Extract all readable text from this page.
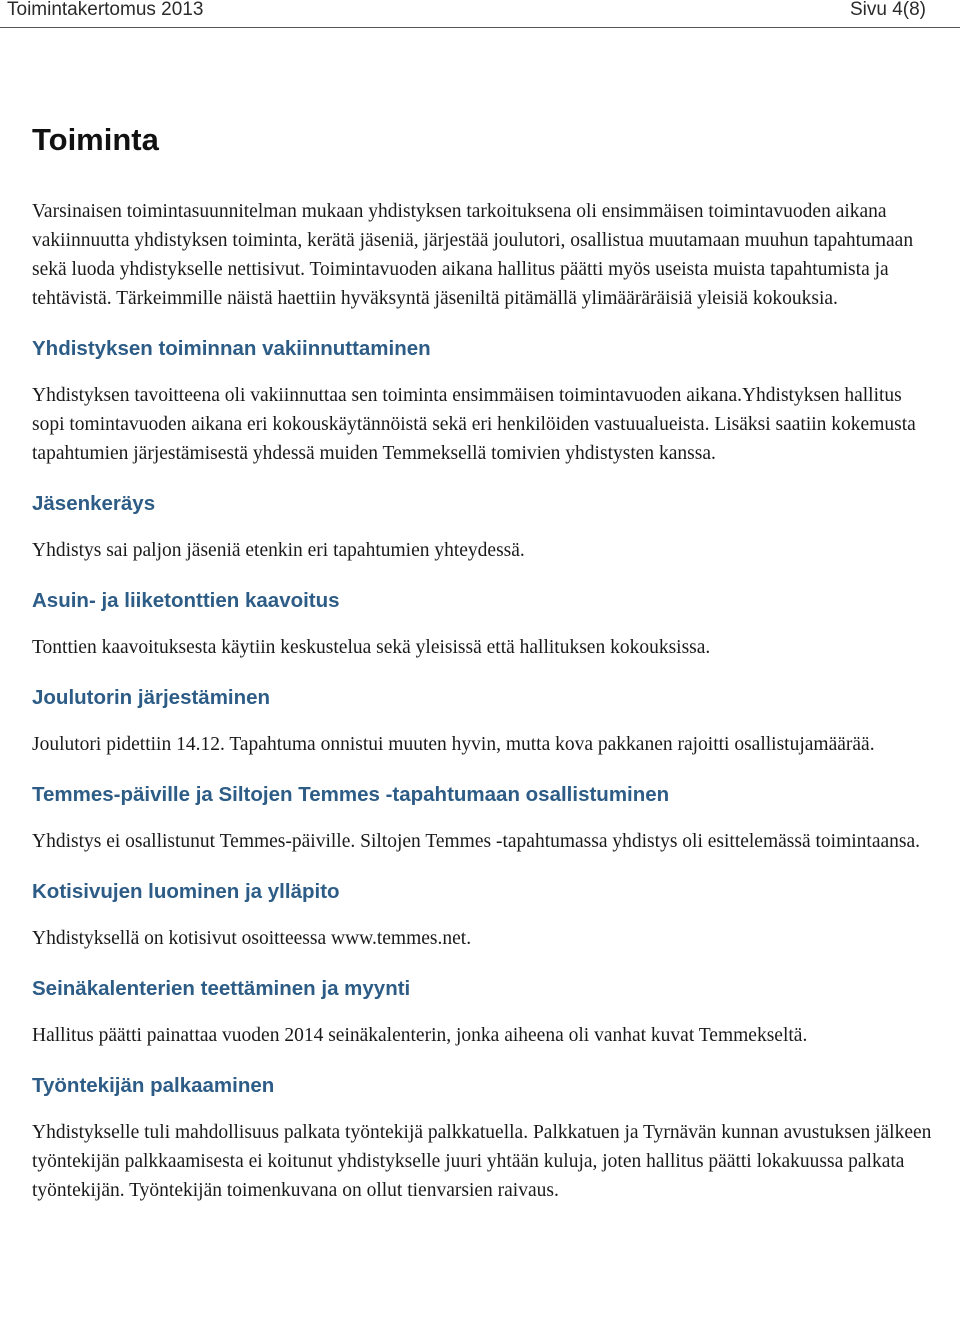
Toimintakertomus 2013	Sivu 4(8)
Toiminta

Varsinaisen toimintasuunnitelman mukaan yhdistyksen tarkoituksena oli ensimmäisen toimintavuoden aikana vakiinnuutta yhdistyksen toiminta, kerätä jäseniä, järjestää joulutori, osallistua muutamaan muuhun tapahtumaan sekä luoda yhdistykselle nettisivut. Toimintavuoden aikana hallitus päätti myös useista muista tapahtumista ja tehtävistä. Tärkeimmille näistä haettiin hyväksyntä jäseniltä pitämällä ylimääräräisiä yleisiä kokouksia.

Yhdistyksen toiminnan vakiinnuttaminen

Yhdistyksen tavoitteena oli vakiinnuttaa sen toiminta ensimmäisen toimintavuoden aikana.Yhdistyksen hallitus sopi tomintavuoden aikana eri kokouskäytännöistä sekä eri henkilöiden vastuualueista. Lisäksi saatiin kokemusta tapahtumien järjestämisestä yhdessä muiden Temmeksellä tomivien yhdistysten kanssa.

Jäsenkeräys

Yhdistys sai paljon jäseniä etenkin eri tapahtumien yhteydessä.

Asuin- ja liiketonttien kaavoitus

Tonttien kaavoituksesta käytiin keskustelua sekä yleisissä että hallituksen kokouksissa.

Joulutorin järjestäminen

Joulutori pidettiin 14.12. Tapahtuma onnistui muuten hyvin, mutta kova pakkanen rajoitti osallistujamäärää.

Temmes-päiville ja Siltojen Temmes -tapahtumaan osallistuminen

Yhdistys ei osallistunut Temmes-päiville. Siltojen Temmes -tapahtumassa yhdistys oli esittelemässä toimintaansa.

Kotisivujen luominen ja ylläpito

Yhdistyksellä on kotisivut osoitteessa www.temmes.net.

Seinäkalenterien teettäminen ja myynti

Hallitus päätti painattaa vuoden 2014 seinäkalenterin, jonka aiheena oli vanhat kuvat Temmekseltä.

Työntekijän palkaaminen

Yhdistykselle tuli mahdollisuus palkata työntekijä palkkatuella. Palkkatuen ja Tyrnävän kunnan avustuksen jälkeen työntekijän palkkaamisesta ei koitunut yhdistykselle juuri yhtään kuluja, joten hallitus päätti lokakuussa palkata työntekijän. Työntekijän toimenkuvana on ollut tienvarsien raivaus.
